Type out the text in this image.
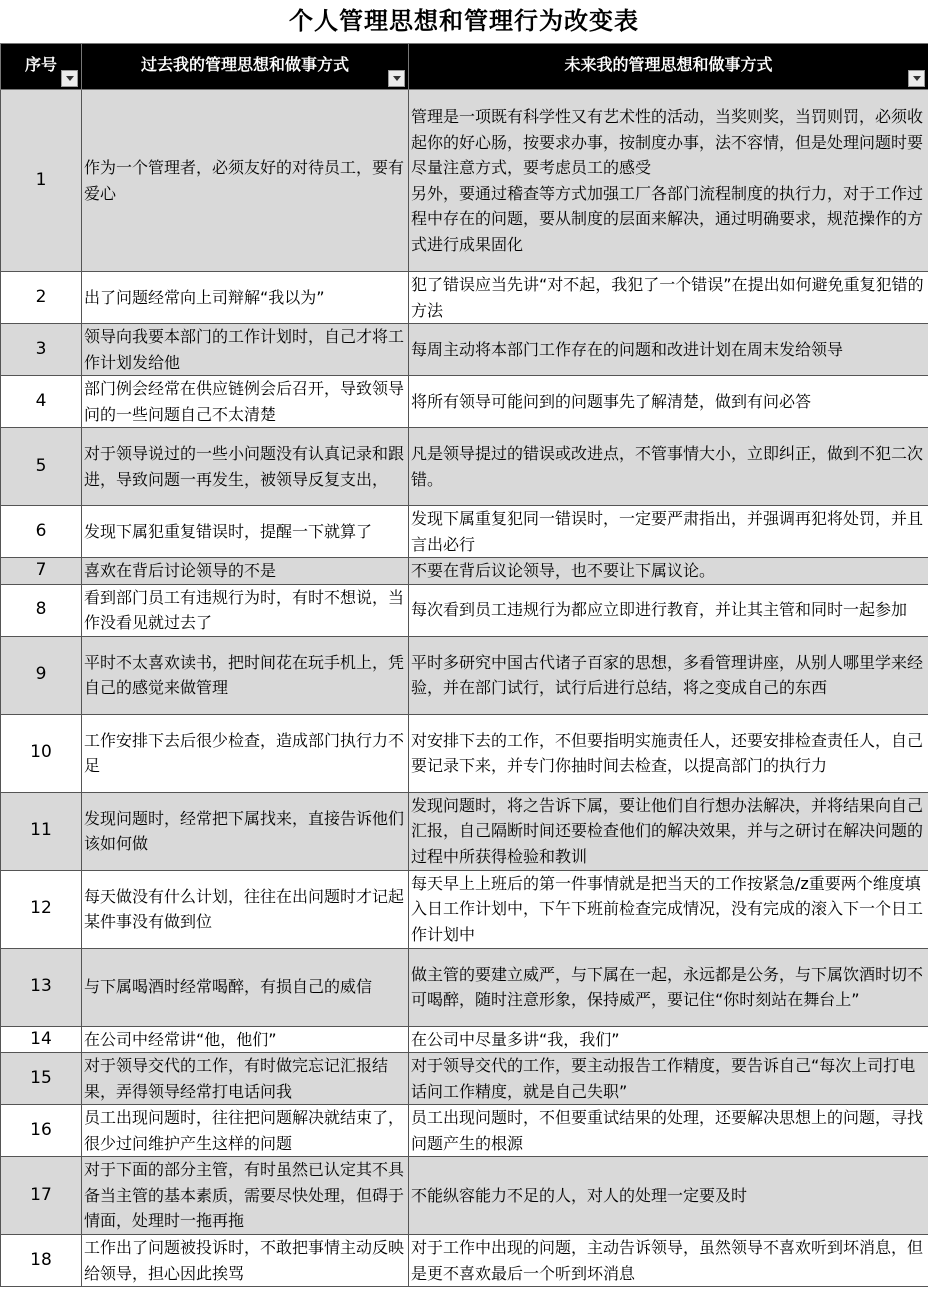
个人管理思想和管理行为改变表
序号	过去我的管理思想和做事方式	未来我的管理思想和做事方式

1	作为一个管理者，必须友好的对待员工，要有爱心	管理是一项既有科学性又有艺术性的活动，当奖则奖，当罚则罚，必须收起你的好心肠，按要求办事，按制度办事，法不容情，但是处理问题时要尽量注意方式，要考虑员工的感受
另外，要通过稽查等方式加强工厂各部门流程制度的执行力，对于工作过程中存在的问题，要从制度的层面来解决，通过明确要求，规范操作的方式进行成果固化
2	出了问题经常向上司辩解“我以为”	犯了错误应当先讲“对不起，我犯了一个错误”在提出如何避免重复犯错的方法
3	领导向我要本部门的工作计划时，自己才将工作计划发给他	每周主动将本部门工作存在的问题和改进计划在周末发给领导
4	部门例会经常在供应链例会后召开，导致领导问的一些问题自己不太清楚	将所有领导可能问到的问题事先了解清楚，做到有问必答
5	对于领导说过的一些小问题没有认真记录和跟进，导致问题一再发生，被领导反复支出，	凡是领导提过的错误或改进点，不管事情大小，立即纠正，做到不犯二次错。
6	发现下属犯重复错误时，提醒一下就算了	发现下属重复犯同一错误时，一定要严肃指出，并强调再犯将处罚，并且言出必行
7	喜欢在背后讨论领导的不是	不要在背后议论领导，也不要让下属议论。
8	看到部门员工有违规行为时，有时不想说，当作没看见就过去了	每次看到员工违规行为都应立即进行教育，并让其主管和同时一起参加
9	平时不太喜欢读书，把时间花在玩手机上，凭自己的感觉来做管理	平时多研究中国古代诸子百家的思想，多看管理讲座，从别人哪里学来经验，并在部门试行，试行后进行总结，将之变成自己的东西
10	工作安排下去后很少检查，造成部门执行力不足	对安排下去的工作，不但要指明实施责任人，还要安排检查责任人，自己要记录下来，并专门你抽时间去检查，以提高部门的执行力
11	发现问题时，经常把下属找来，直接告诉他们该如何做	发现问题时，将之告诉下属，要让他们自行想办法解决，并将结果向自己汇报，自己隔断时间还要检查他们的解决效果，并与之研讨在解决问题的过程中所获得检验和教训
12	每天做没有什么计划，往往在出问题时才记起某件事没有做到位	每天早上上班后的第一件事情就是把当天的工作按紧急/z重要两个维度填入日工作计划中，下午下班前检查完成情况，没有完成的滚入下一个日工作计划中
13	与下属喝酒时经常喝醉，有损自己的威信	做主管的要建立威严，与下属在一起，永远都是公务，与下属饮酒时切不可喝醉，随时注意形象，保持威严，要记住“你时刻站在舞台上”
14	在公司中经常讲“他，他们”	在公司中尽量多讲“我，我们”
15	对于领导交代的工作，有时做完忘记汇报结果，弄得领导经常打电话问我	对于领导交代的工作，要主动报告工作精度，要告诉自己“每次上司打电话问工作精度，就是自己失职”
16	员工出现问题时，往往把问题解决就结束了，很少过问维护产生这样的问题	员工出现问题时，不但要重试结果的处理，还要解决思想上的问题，寻找问题产生的根源
17	对于下面的部分主管，有时虽然已认定其不具备当主管的基本素质，需要尽快处理，但碍于情面，处理时一拖再拖	不能纵容能力不足的人，对人的处理一定要及时
18	工作出了问题被投诉时，不敢把事情主动反映给领导，担心因此挨骂	对于工作中出现的问题，主动告诉领导，虽然领导不喜欢听到坏消息，但是更不喜欢最后一个听到坏消息
